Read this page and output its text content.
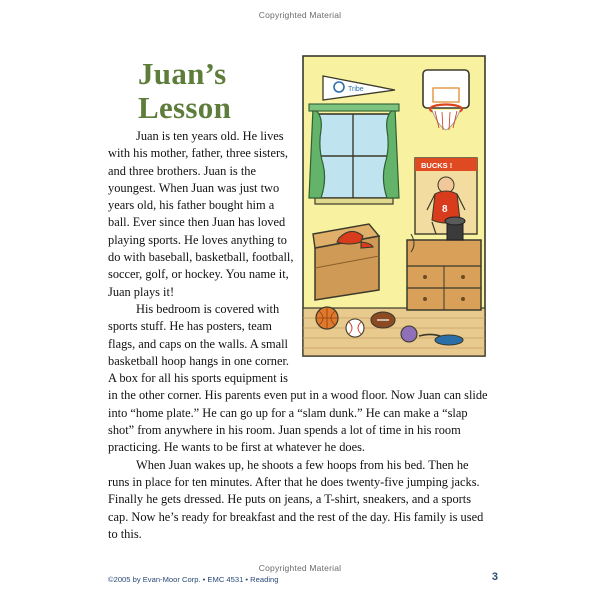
Copyrighted Material
Juan’s Lesson
Tribe
BUCKS !
8

Juan is ten years old. He lives with his mother, father, three sisters, and three brothers. Juan is the youngest. When Juan was just two years old, his father bought him a ball. Ever since then Juan has loved playing sports. He loves anything to do with baseball, basketball, football, soccer, golf, or hockey. You name it, Juan plays it!

His bedroom is covered with sports stuff. He has posters, team flags, and caps on the walls. A small basketball hoop hangs in one corner. A box for all his sports equipment is in the other corner. His parents even put in a wood floor. Now Juan can slide into “home plate.” He can go up for a “slam dunk.” He can make a “slap shot” from anywhere in his room. Juan spends a lot of time in his room practicing. He wants to be first at whatever he does.

When Juan wakes up, he shoots a few hoops from his bed. Then he runs in place for ten minutes. After that he does twenty-five jumping jacks. Finally he gets dressed. He puts on jeans, a T-shirt, sneakers, and a sports cap. Now he’s ready for breakfast and the rest of the day. His family is used to this.

Copyrighted Material
©2005 by Evan-Moor Corp. • EMC 4531 • Reading	3
